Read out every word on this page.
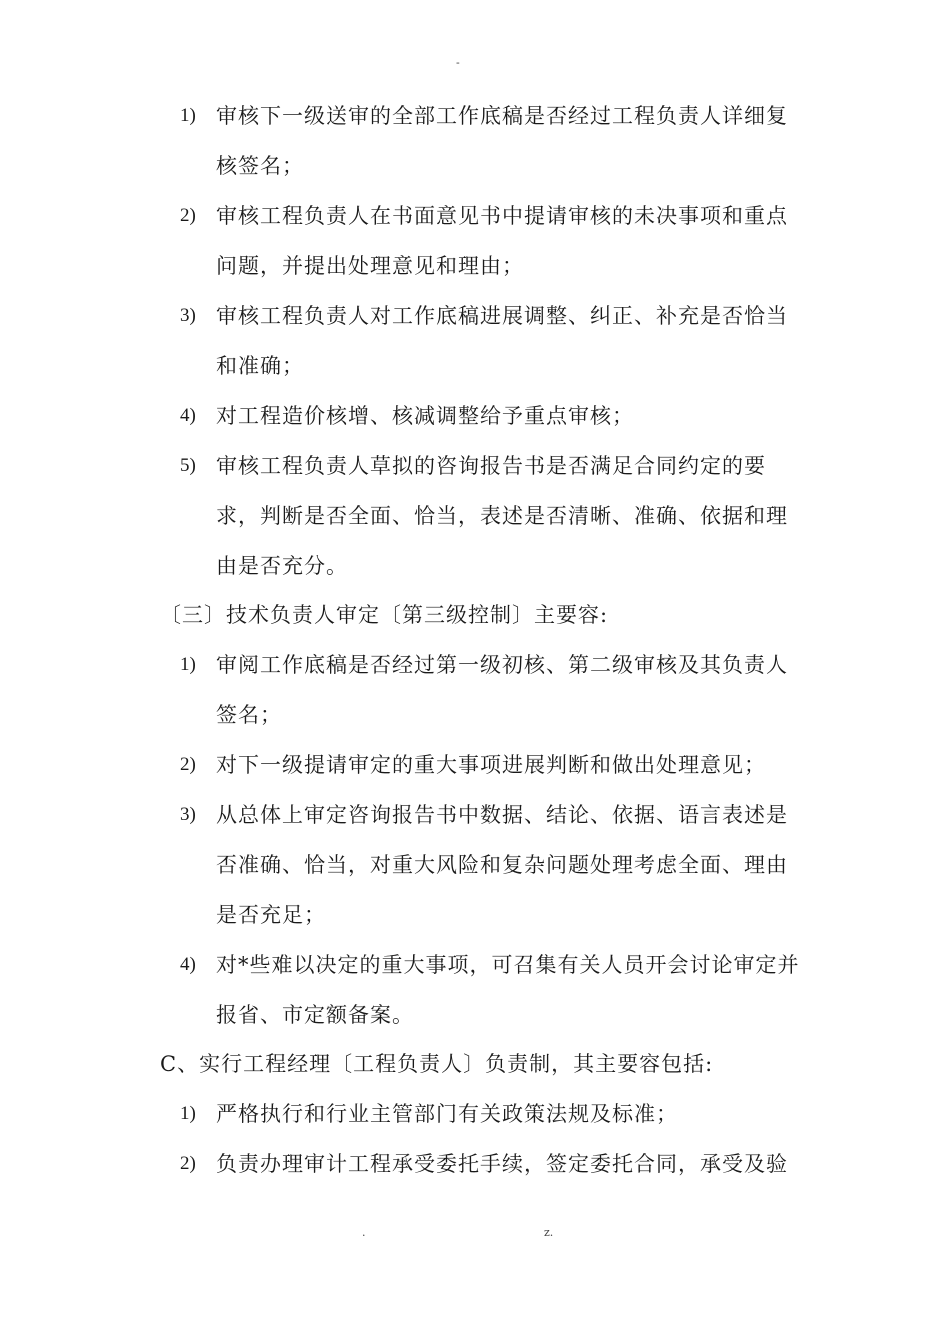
-
1) 审核下一级送审的全部工作底稿是否经过工程负责人详细复
核签名；
2) 审核工程负责人在书面意见书中提请审核的未决事项和重点
问题，并提出处理意见和理由；
3) 审核工程负责人对工作底稿进展调整、纠正、补充是否恰当
和准确；
4) 对工程造价核增、核减调整给予重点审核；
5) 审核工程负责人草拟的咨询报告书是否满足合同约定的要
求，判断是否全面、恰当，表述是否清晰、准确、依据和理
由是否充分。
〔三〕技术负责人审定〔第三级控制〕主要容:
1) 审阅工作底稿是否经过第一级初核、第二级审核及其负责人
签名；
2) 对下一级提请审定的重大事项进展判断和做出处理意见；
3) 从总体上审定咨询报告书中数据、结论、依据、语言表述是
否准确、恰当，对重大风险和复杂问题处理考虑全面、理由
是否充足；
4) 对*些难以决定的重大事项，可召集有关人员开会讨论审定并
报省、市定额备案。
C、实行工程经理〔工程负责人〕负责制，其主要容包括:
1) 严格执行和行业主管部门有关政策法规及标准；
2) 负责办理审计工程承受委托手续，签定委托合同，承受及验
.	z.
